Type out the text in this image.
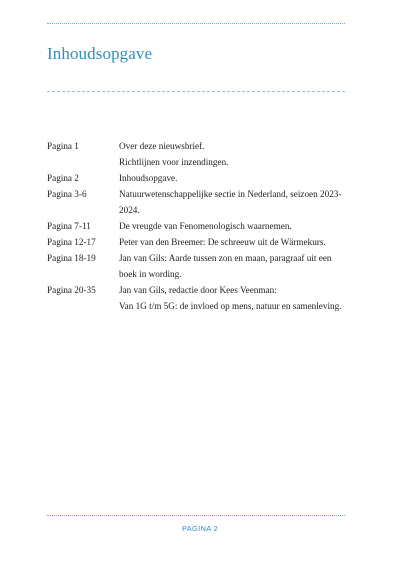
Inhoudsopgave
Pagina 1	Over deze nieuwsbrief.
Richtlijnen voor inzendingen.
Pagina 2	Inhoudsopgave.
Pagina 3-6	Natuurwetenschappelijke sectie in Nederland, seizoen 2023-
2024.
Pagina 7-11	De vreugde van Fenomenologisch waarnemen.
Pagina 12-17	Peter van den Breemer: De schreeuw uit de Wärmekurs.
Pagina 18-19	Jan van Gils: Aarde tussen zon en maan, paragraaf uit een
boek in wording.
Pagina 20-35	Jan van Gils, redactie door Kees Veenman:
Van 1G t/m 5G: de invloed op mens, natuur en samenleving.
PAGINA 2
